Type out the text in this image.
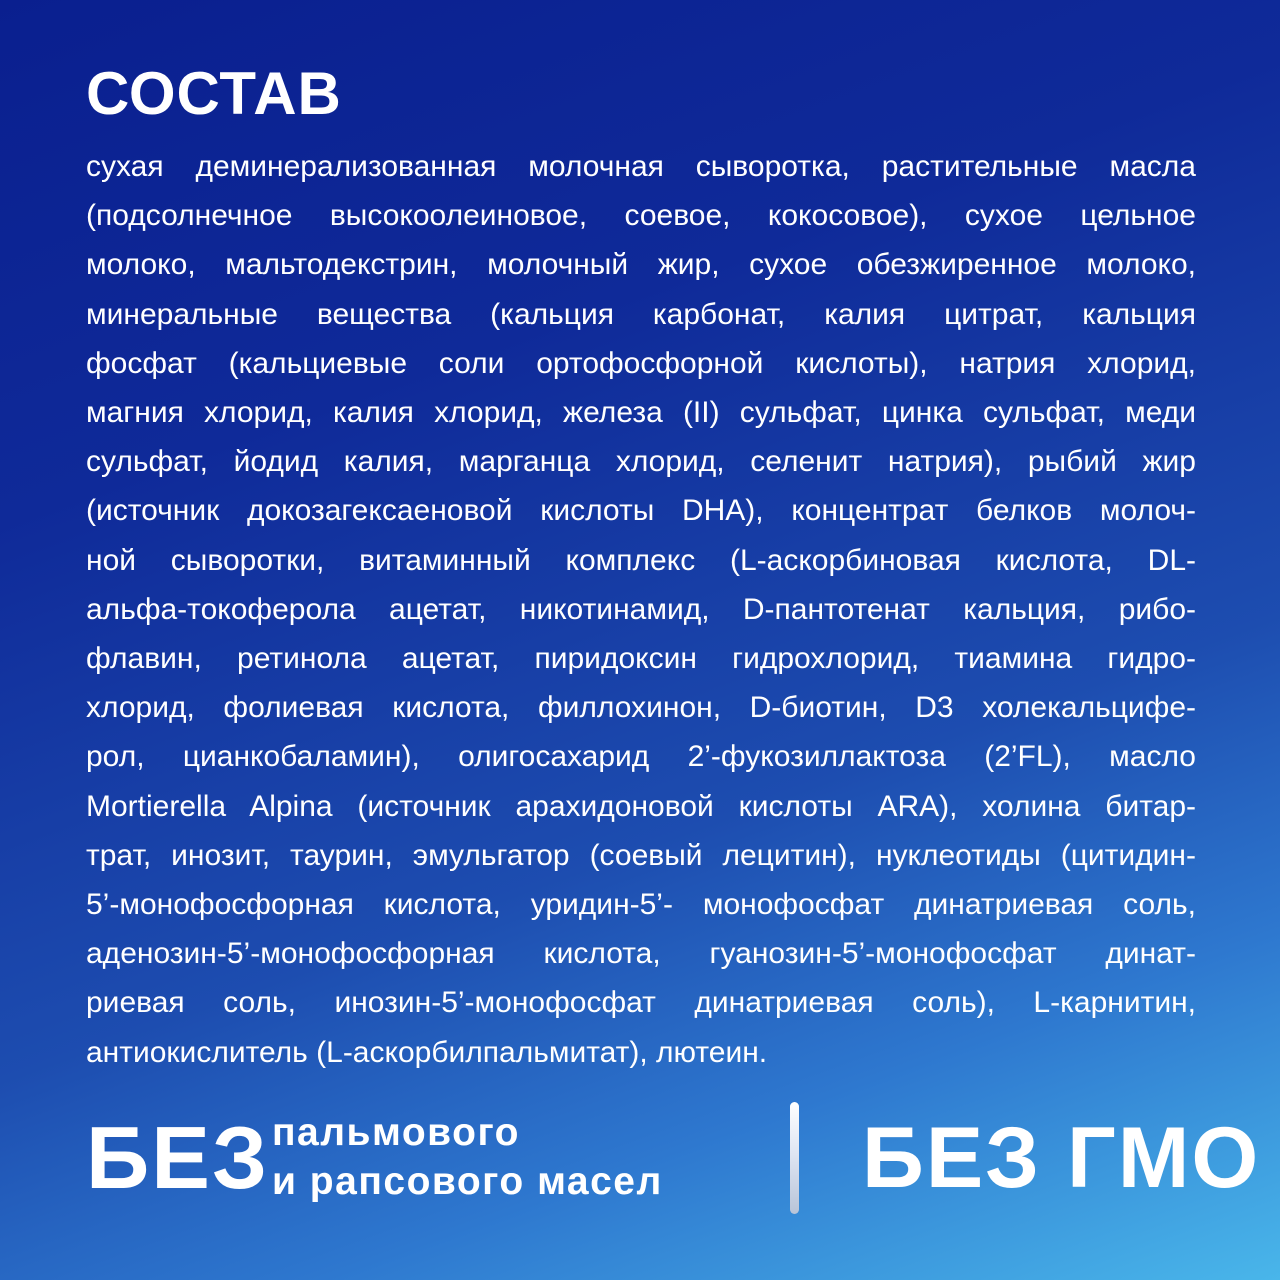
СОСТАВ
сухая деминерализованная молочная сыворотка, растительные масла
(подсолнечное высокоолеиновое, соевое, кокосовое), сухое цельное
молоко, мальтодекстрин, молочный жир, сухое обезжиренное молоко,
минеральные вещества (кальция карбонат, калия цитрат, кальция
фосфат (кальциевые соли ортофосфорной кислоты), натрия хлорид,
магния хлорид, калия хлорид, железа (II) сульфат, цинка сульфат, меди
сульфат, йодид калия, марганца хлорид, селенит натрия), рыбий жир
(источник докозагексаеновой кислоты DHA), концентрат белков молоч-
ной сыворотки, витаминный комплекс (L-аскорбиновая кислота, DL-
альфа-токоферола ацетат, никотинамид, D-пантотенат кальция, рибо-
флавин, ретинола ацетат, пиридоксин гидрохлорид, тиамина гидро-
хлорид, фолиевая кислота, филлохинон, D-биотин, D3 холекальцифе-
рол, цианкобаламин), олигосахарид 2’-фукозиллактоза (2’FL), масло
Mortierella Alpina (источник арахидоновой кислоты ARA), холина битар-
трат, инозит, таурин, эмульгатор (соевый лецитин), нуклеотиды (цитидин-
5’-монофосфорная кислота, уридин-5’- монофосфат динатриевая соль,
аденозин-5’-монофосфорная кислота, гуанозин-5’-монофосфат динат-
риевая соль, инозин-5’-монофосфат динатриевая соль), L-карнитин,
антиокислитель (L-аскорбилпальмитат), лютеин.
БЕЗ пальмового
и рапсового масел БЕЗ ГМО
